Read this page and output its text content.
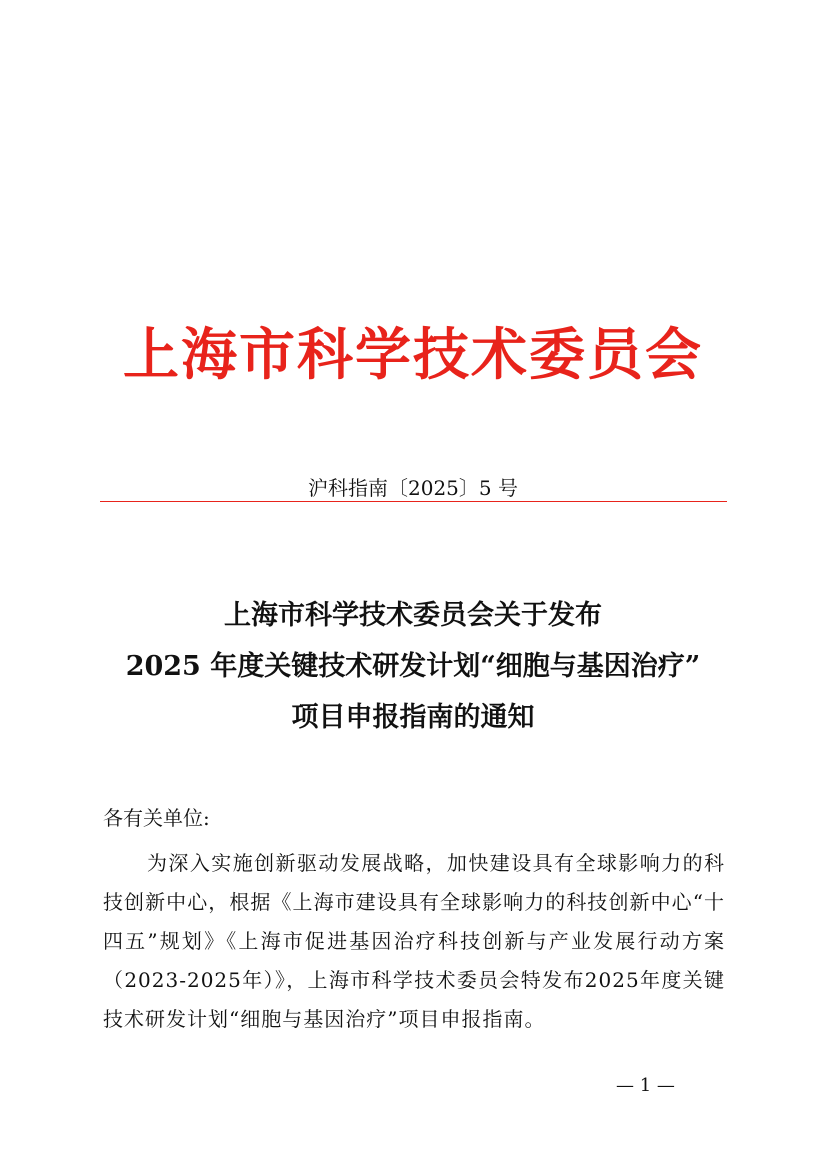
上海市科学技术委员会
沪科指南〔2025〕5 号
上海市科学技术委员会关于发布
2025 年度关键技术研发计划“细胞与基因治疗”
项目申报指南的通知
各有关单位:
为深入实施创新驱动发展战略，加快建设具有全球影响力的科技创新中心，根据《上海市建设具有全球影响力的科技创新中心“十四五”规划》《上海市促进基因治疗科技创新与产业发展行动方案（2023-2025年）》，上海市科学技术委员会特发布2025年度关键技术研发计划“细胞与基因治疗”项目申报指南。
— 1 —
